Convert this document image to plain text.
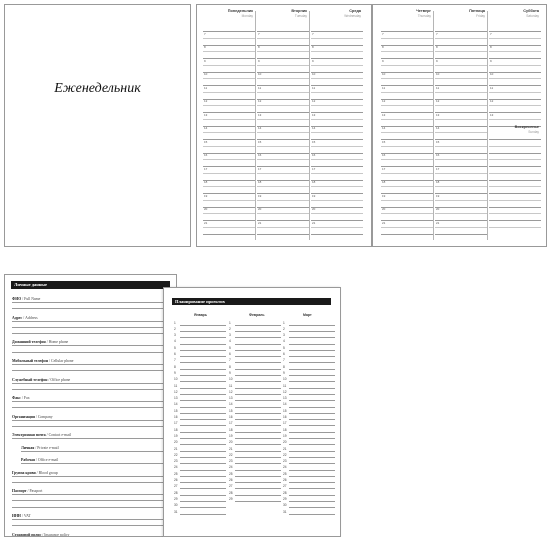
Еженедельник
Понедельник
Monday
7
8
9
10
11
12
13
14
15
16
17
18
19
20
21
Вторник
Tuesday
7
8
9
10
11
12
13
14
15
16
17
18
19
20
21
Среда
Wednesday
7
8
9
10
11
12
13
14
15
16
17
18
19
20
21
Четверг
Thursday
7
8
9
10
11
12
13
14
15
16
17
18
19
20
21
Пятница
Friday
7
8
9
10
11
12
13
14
15
16
17
18
19
20
21
Суббота
Saturday
7
8
9
10
11
12
13
Воскресенье
Sunday
Личные данные
ФИО / Full Name
Адрес / Address
Домашний телефон / Home phone
Мобильный телефон / Cellular phone
Служебный телефон / Office phone
Факс / Fax
Организация / Company
Электронная почта / Contact e-mail
Личная / Private e-mail
Рабочая / Office e-mail
Группа крови / Blood group
Паспорт / Passport
ИНН / VAT
Страховой полис / Insurance policy
Планирование проектов
Январь
1
2
3
4
5
6
7
8
9
10
11
12
13
14
15
16
17
18
19
20
21
22
23
24
25
26
27
28
29
30
31
Февраль
1
2
3
4
5
6
7
8
9
10
11
12
13
14
15
16
17
18
19
20
21
22
23
24
25
26
27
28
29
Март
1
2
3
4
5
6
7
8
9
10
11
12
13
14
15
16
17
18
19
20
21
22
23
24
25
26
27
28
29
30
31
